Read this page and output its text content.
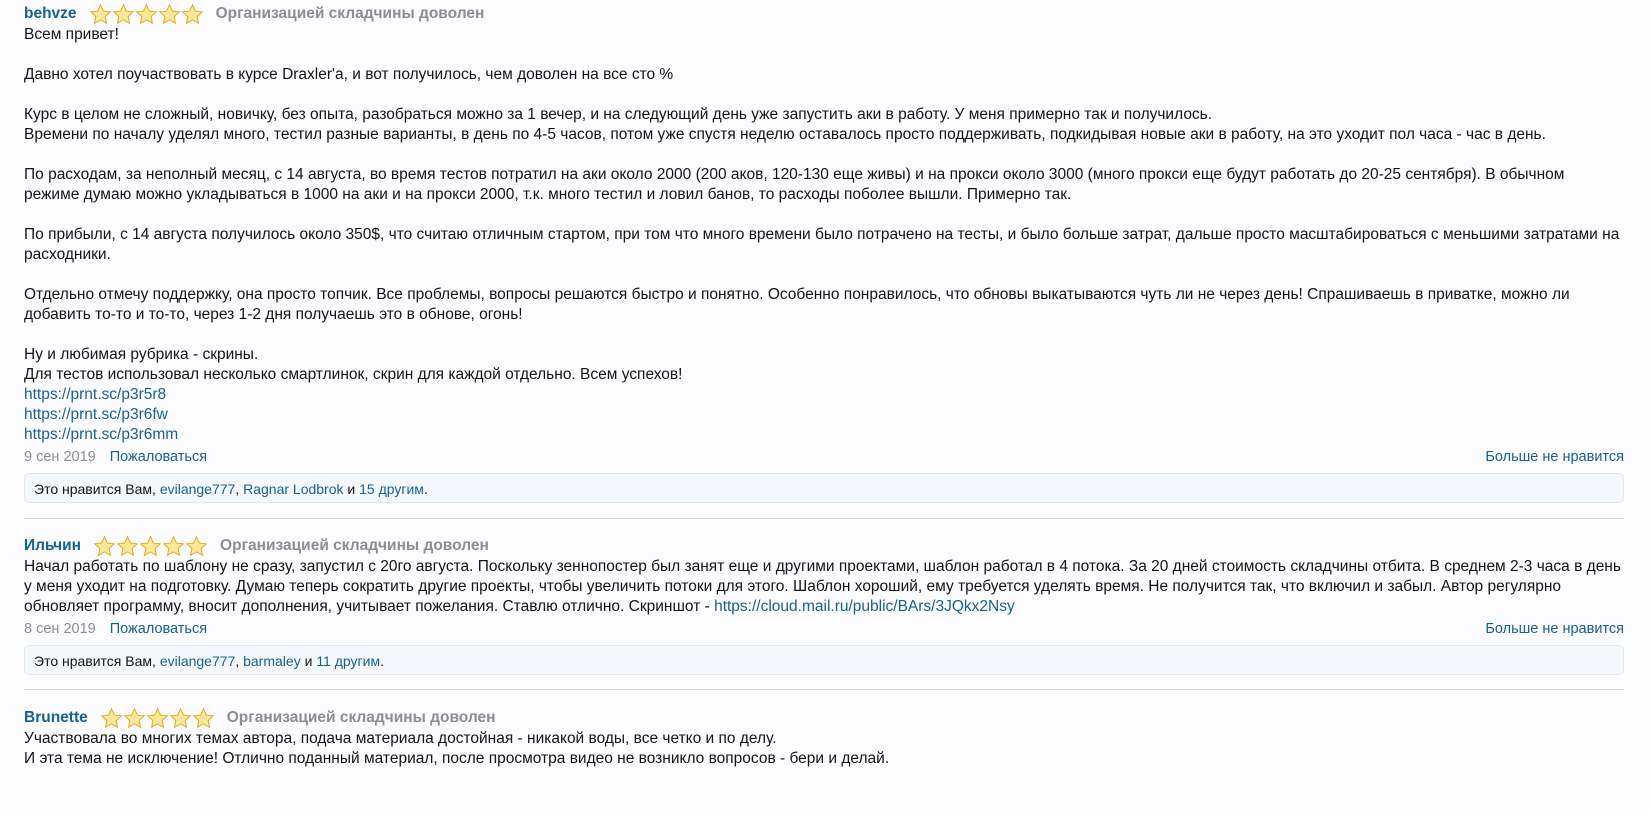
behvze	Организацией складчины доволен

Всем привет!

Давно хотел поучаствовать в курсе Draxler'a, и вот получилось, чем доволен на все сто %

Курс в целом не сложный, новичку, без опыта, разобраться можно за 1 вечер, и на следующий день уже запустить аки в работу. У меня примерно так и получилось.

Времени по началу уделял много, тестил разные варианты, в день по 4-5 часов, потом уже спустя неделю оставалось просто поддерживать, подкидывая новые аки в работу, на это уходит пол часа - час в день.

По расходам, за неполный месяц, с 14 августа, во время тестов потратил на аки около 2000 (200 аков, 120-130 еще живы) и на прокси около 3000 (много прокси еще будут работать до 20-25 сентября). В обычном режиме думаю можно укладываться в 1000 на аки и на прокси 2000, т.к. много тестил и ловил банов, то расходы поболее вышли. Примерно так.

По прибыли, с 14 августа получилось около 350$, что считаю отличным стартом, при том что много времени было потрачено на тесты, и было больше затрат, дальше просто масштабироваться с меньшими затратами на расходники.

Отдельно отмечу поддержку, она просто топчик. Все проблемы, вопросы решаются быстро и понятно. Особенно понравилось, что обновы выкатываются чуть ли не через день! Спрашиваешь в приватке, можно ли добавить то-то и то-то, через 1-2 дня получаешь это в обнове, огонь!

Ну и любимая рубрика - скрины.

Для тестов использовал несколько смартлинок, скрин для каждой отдельно. Всем успехов!

https://prnt.sc/p3r5r8

https://prnt.sc/p3r6fw

https://prnt.sc/p3r6mm

9 сен 2019 Пожаловаться	Больше не нравится
Это нравится Вам, evilange777, Ragnar Lodbrok и 15 другим.
Ильчин	Организацией складчины доволен

Начал работать по шаблону не сразу, запустил с 20го августа. Поскольку зеннопостер был занят еще и другими проектами, шаблон работал в 4 потока. За 20 дней стоимость складчины отбита. В среднем 2-3 часа в день у меня уходит на подготовку. Думаю теперь сократить другие проекты, чтобы увеличить потоки для этого. Шаблон хороший, ему требуется уделять время. Не получится так, что включил и забыл. Автор регулярно обновляет программу, вносит дополнения, учитывает пожелания. Ставлю отлично. Скриншот - https://cloud.mail.ru/public/BArs/3JQkx2Nsy

8 сен 2019 Пожаловаться	Больше не нравится
Это нравится Вам, evilange777, barmaley и 11 другим.
Brunette	Организацией складчины доволен

Участвовала во многих темах автора, подача материала достойная - никакой воды, все четко и по делу.

И эта тема не исключение! Отлично поданный материал, после просмотра видео не возникло вопросов - бери и делай.
